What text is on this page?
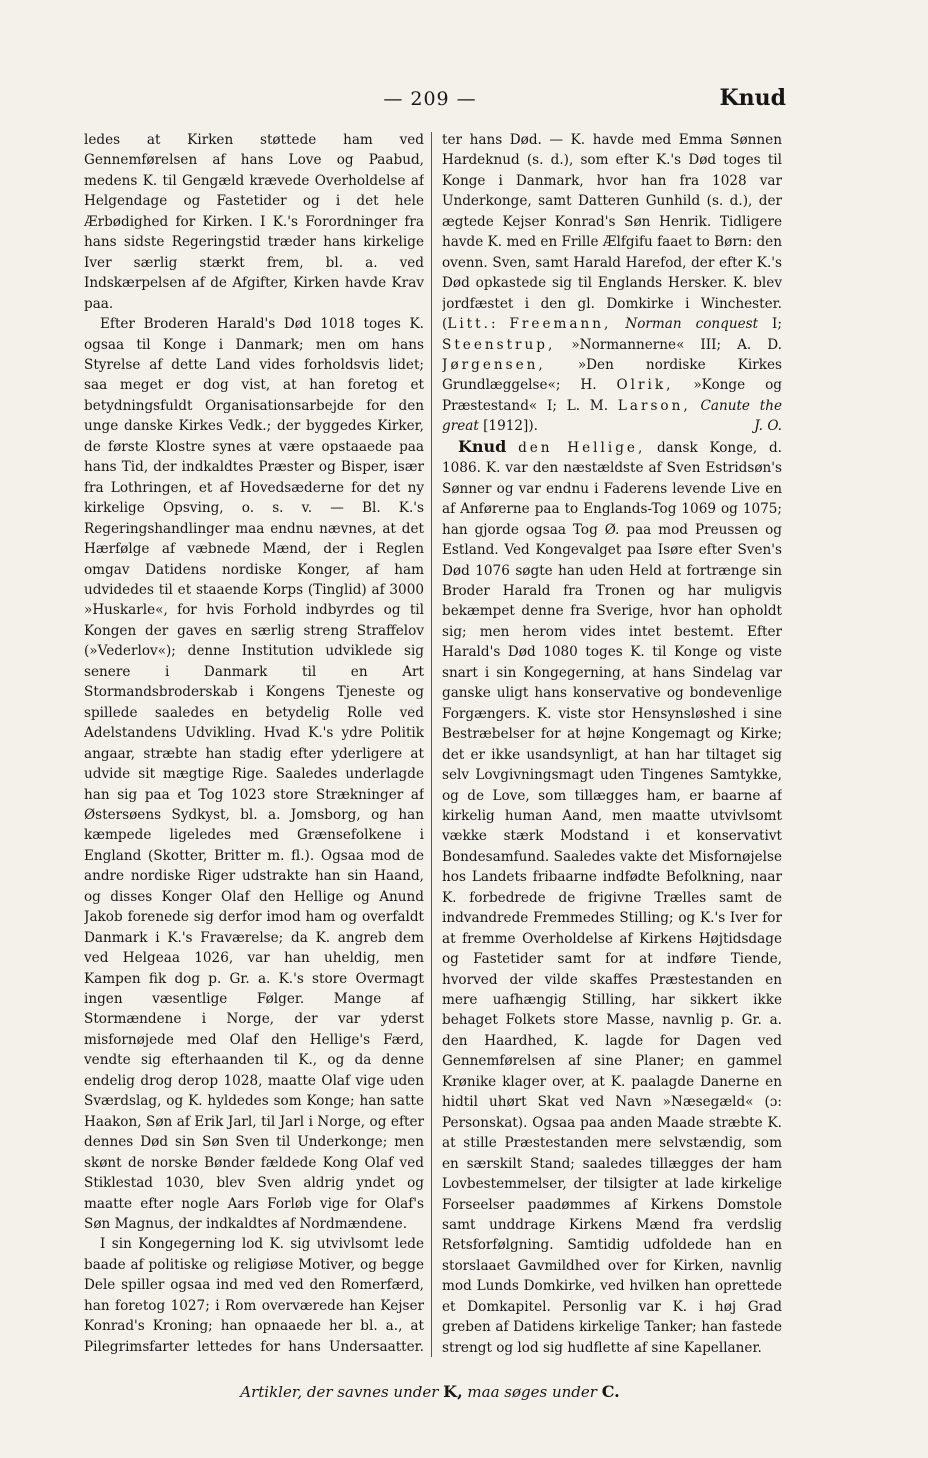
— 209 —	Knud

ledes at Kirken støttede ham ved Gennemførelsen af hans Love og Paabud, medens K. til Gengæld krævede Overholdelse af Helgendage og Fastetider og i det hele Ærbødighed for Kirken. I K.'s Forordninger fra hans sidste Regeringstid træder hans kirkelige Iver særlig stærkt frem, bl. a. ved Indskærpelsen af de Afgifter, Kirken havde Krav paa.

Efter Broderen Harald's Død 1018 toges K. ogsaa til Konge i Danmark; men om hans Styrelse af dette Land vides forholdsvis lidet; saa meget er dog vist, at han foretog et betydningsfuldt Organisationsarbejde for den unge danske Kirkes Vedk.; der byggedes Kirker, de første Klostre synes at være opstaaede paa hans Tid, der indkaldtes Præster og Bisper, især fra Lothringen, et af Hovedsæderne for det ny kirkelige Opsving, o. s. v. — Bl. K.'s Regeringshandlinger maa endnu nævnes, at det Hærfølge af væbnede Mænd, der i Reglen omgav Datidens nordiske Konger, af ham udvidedes til et staaende Korps (Tinglid) af 3000 »Huskarle«, for hvis Forhold indbyrdes og til Kongen der gaves en særlig streng Straffelov (»Vederlov«); denne Institution udviklede sig senere i Danmark til en Art Stormandsbroderskab i Kongens Tjeneste og spillede saaledes en betydelig Rolle ved Adelstandens Udvikling. Hvad K.'s ydre Politik angaar, stræbte han stadig efter yderligere at udvide sit mægtige Rige. Saaledes underlagde han sig paa et Tog 1023 store Strækninger af Østersøens Sydkyst, bl. a. Jomsborg, og han kæmpede ligeledes med Grænsefolkene i England (Skotter, Britter m. fl.). Ogsaa mod de andre nordiske Riger udstrakte han sin Haand, og disses Konger Olaf den Hellige og Anund Jakob forenede sig derfor imod ham og overfaldt Danmark i K.'s Fraværelse; da K. angreb dem ved Helgeaa 1026, var han uheldig, men Kampen fik dog p. Gr. a. K.'s store Overmagt ingen væsentlige Følger. Mange af Stormændene i Norge, der var yderst misfornøjede med Olaf den Hellige's Færd, vendte sig efterhaanden til K., og da denne endelig drog derop 1028, maatte Olaf vige uden Sværdslag, og K. hyldedes som Konge; han satte Haakon, Søn af Erik Jarl, til Jarl i Norge, og efter dennes Død sin Søn Sven til Underkonge; men skønt de norske Bønder fældede Kong Olaf ved Stiklestad 1030, blev Sven aldrig yndet og maatte efter nogle Aars Forløb vige for Olaf's Søn Magnus, der indkaldtes af Nordmændene.

I sin Kongegerning lod K. sig utvivlsomt lede baade af politiske og religiøse Motiver, og begge Dele spiller ogsaa ind med ved den Romerfærd, han foretog 1027; i Rom overværede han Kejser Konrad's Kroning; han opnaaede her bl. a., at Pilegrimsfarter lettedes for hans Undersaatter.

ter hans Død. — K. havde med Emma Sønnen Hardeknud (s. d.), som efter K.'s Død toges til Konge i Danmark, hvor han fra 1028 var Underkonge, samt Datteren Gunhild (s. d.), der ægtede Kejser Konrad's Søn Henrik. Tidligere havde K. med en Frille Ælfgifu faaet to Børn: den ovenn. Sven, samt Harald Harefod, der efter K.'s Død opkastede sig til Englands Hersker. K. blev jordfæstet i den gl. Domkirke i Winchester. (Litt.: Freemann, Norman conquest I; Steenstrup, »Normannerne« III; A. D. Jørgensen, »Den nordiske Kirkes Grundlæggelse«; H. Olrik, »Konge og Præstestand« I; L. M. Larson, Canute the great [1912]).	J. O.

Knud den Hellige, dansk Konge, d. 1086. K. var den næstældste af Sven Estridsøn's Sønner og var endnu i Faderens levende Live en af Anførerne paa to Englands-Tog 1069 og 1075; han gjorde ogsaa Tog Ø. paa mod Preussen og Estland. Ved Kongevalget paa Isøre efter Sven's Død 1076 søgte han uden Held at fortrænge sin Broder Harald fra Tronen og har muligvis bekæmpet denne fra Sverige, hvor han opholdt sig; men herom vides intet bestemt. Efter Harald's Død 1080 toges K. til Konge og viste snart i sin Kongegerning, at hans Sindelag var ganske uligt hans konservative og bondevenlige Forgængers. K. viste stor Hensynsløshed i sine Bestræbelser for at højne Kongemagt og Kirke; det er ikke usandsynligt, at han har tiltaget sig selv Lovgivningsmagt uden Tingenes Samtykke, og de Love, som tillægges ham, er baarne af kirkelig human Aand, men maatte utvivlsomt vække stærk Modstand i et konservativt Bondesamfund. Saaledes vakte det Misfornøjelse hos Landets fribaarne indfødte Befolkning, naar K. forbedrede de frigivne Trælles samt de indvandrede Fremmedes Stilling; og K.'s Iver for at fremme Overholdelse af Kirkens Højtidsdage og Fastetider samt for at indføre Tiende, hvorved der vilde skaffes Præstestanden en mere uafhængig Stilling, har sikkert ikke behaget Folkets store Masse, navnlig p. Gr. a. den Haardhed, K. lagde for Dagen ved Gennemførelsen af sine Planer; en gammel Krønike klager over, at K. paalagde Danerne en hidtil uhørt Skat ved Navn »Næsegæld« (ɔ: Personskat). Ogsaa paa anden Maade stræbte K. at stille Præstestanden mere selvstændig, som en særskilt Stand; saaledes tillægges der ham Lovbestemmelser, der tilsigter at lade kirkelige Forseelser paadømmes af Kirkens Domstole samt unddrage Kirkens Mænd fra verdslig Retsforfølgning. Samtidig udfoldede han en storslaaet Gavmildhed over for Kirken, navnlig mod Lunds Domkirke, ved hvilken han oprettede et Domkapitel. Personlig var K. i høj Grad greben af Datidens kirkelige Tanker; han fastede strengt og lod sig hudflette af sine Kapellaner.

Artikler, der savnes under K, maa søges under C.
